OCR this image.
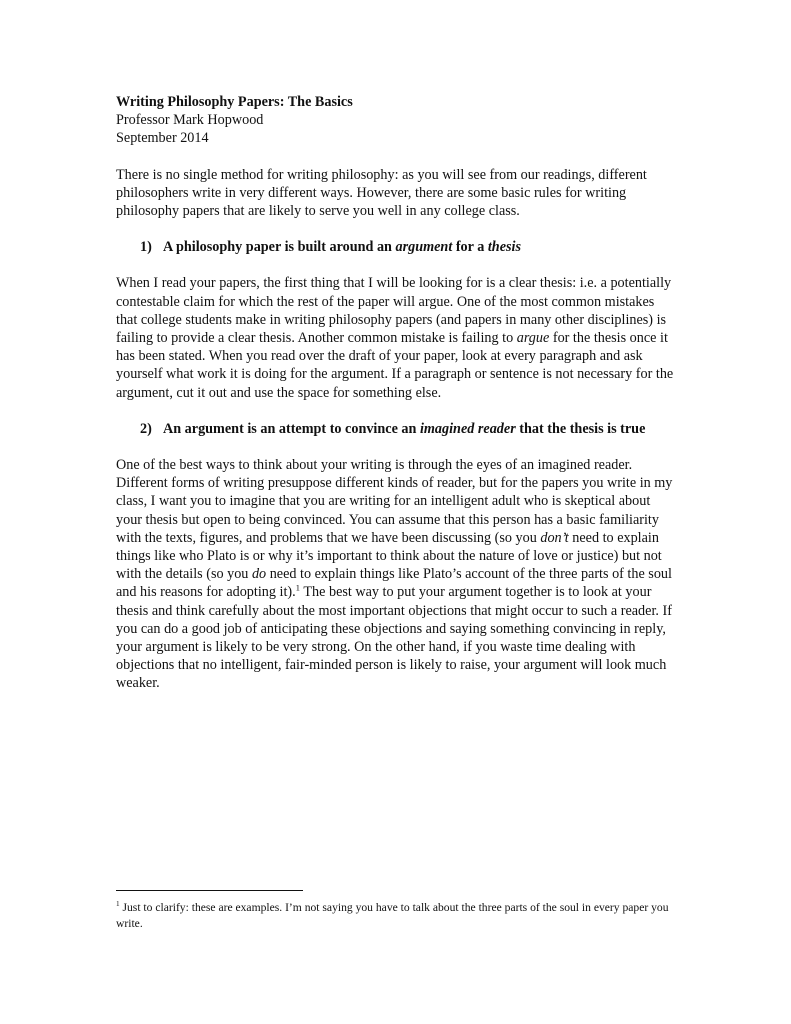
Writing Philosophy Papers: The Basics
Professor Mark Hopwood
September 2014

There is no single method for writing philosophy: as you will see from our readings, different philosophers write in very different ways. However, there are some basic rules for writing philosophy papers that are likely to serve you well in any college class.

1) A philosophy paper is built around an argument for a thesis

When I read your papers, the first thing that I will be looking for is a clear thesis: i.e. a potentially contestable claim for which the rest of the paper will argue. One of the most common mistakes that college students make in writing philosophy papers (and papers in many other disciplines) is failing to provide a clear thesis. Another common mistake is failing to argue for the thesis once it has been stated. When you read over the draft of your paper, look at every paragraph and ask yourself what work it is doing for the argument. If a paragraph or sentence is not necessary for the argument, cut it out and use the space for something else.

2) An argument is an attempt to convince an imagined reader that the thesis is true

One of the best ways to think about your writing is through the eyes of an imagined reader. Different forms of writing presuppose different kinds of reader, but for the papers you write in my class, I want you to imagine that you are writing for an intelligent adult who is skeptical about your thesis but open to being convinced. You can assume that this person has a basic familiarity with the texts, figures, and problems that we have been discussing (so you don’t need to explain things like who Plato is or why it’s important to think about the nature of love or justice) but not with the details (so you do need to explain things like Plato’s account of the three parts of the soul and his reasons for adopting it).$^1$ The best way to put your argument together is to look at your thesis and think carefully about the most important objections that might occur to such a reader. If you can do a good job of anticipating these objections and saying something convincing in reply, your argument is likely to be very strong. On the other hand, if you waste time dealing with objections that no intelligent, fair-minded person is likely to raise, your argument will look much weaker.

$^1$ Just to clarify: these are examples. I’m not saying you have to talk about the three parts of the soul in every paper you write.
